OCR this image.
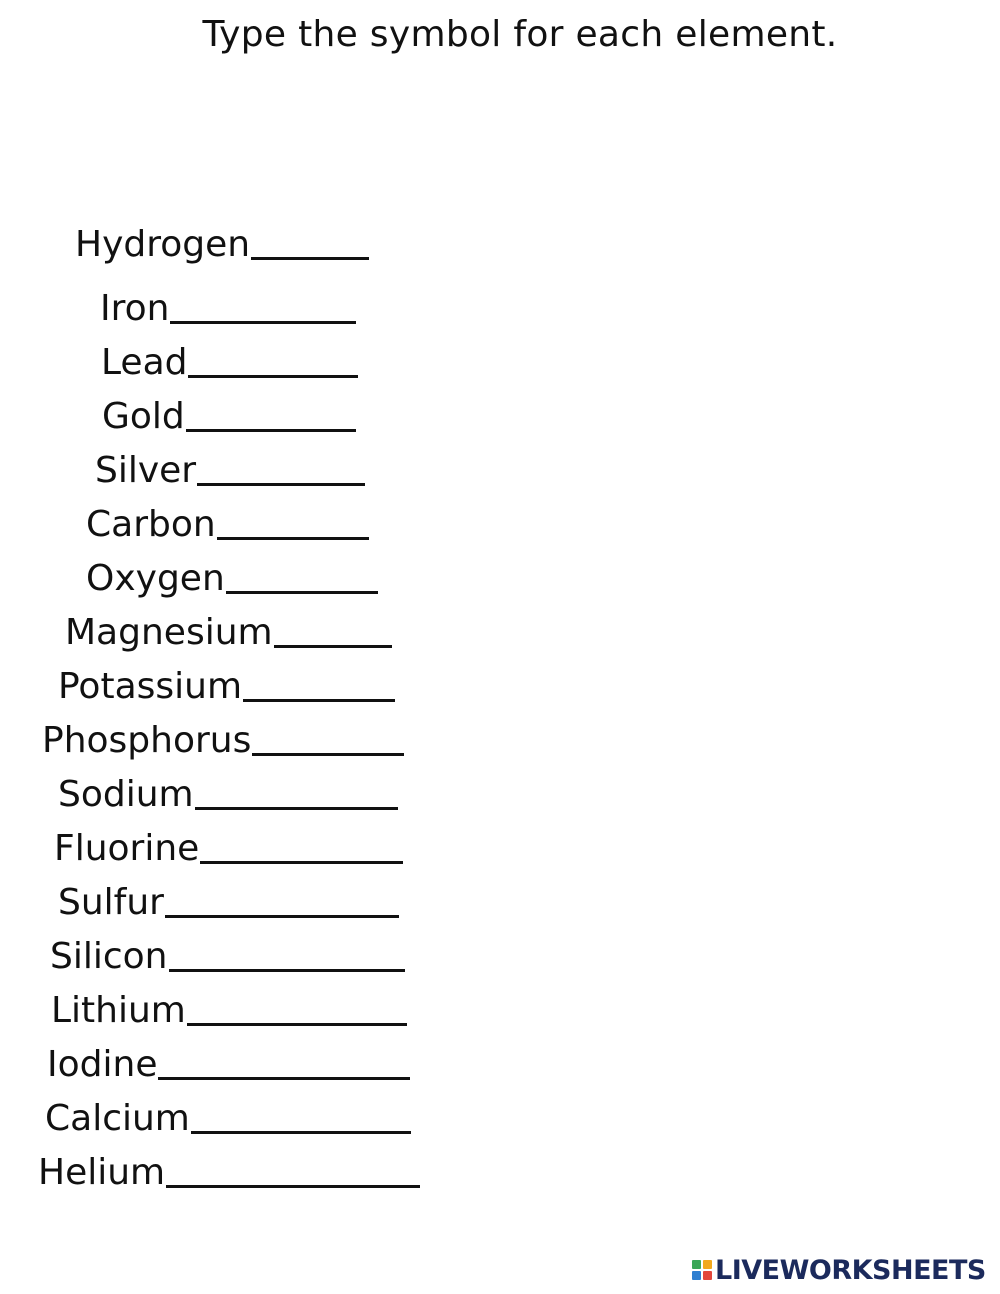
Type the symbol for each element.
Hydrogen
Iron
Lead
Gold
Silver
Carbon
Oxygen
Magnesium
Potassium
Phosphorus
Sodium
Fluorine
Sulfur
Silicon
Lithium
Iodine
Calcium
Helium
LIVEWORKSHEETS
